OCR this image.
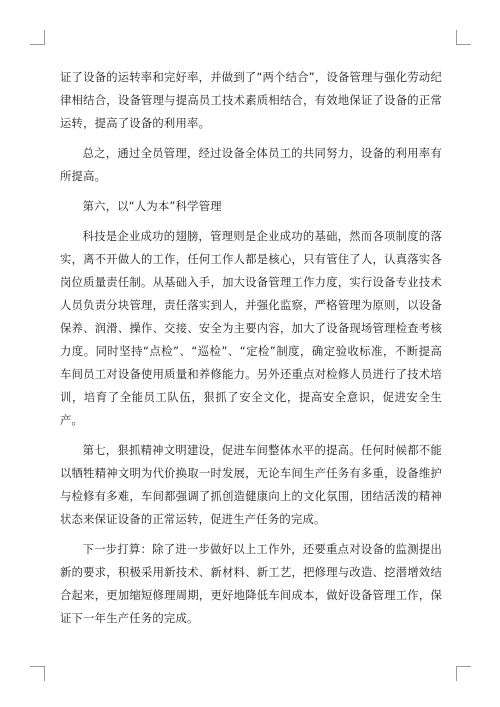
证了设备的运转率和完好率，并做到了“两个结合”，设备管理与强化劳动纪律相结合，设备管理与提高员工技术素质相结合，有效地保证了设备的正常运转，提高了设备的利用率。

总之，通过全员管理，经过设备全体员工的共同努力，设备的利用率有所提高。

第六，以“人为本”科学管理

科技是企业成功的翅膀，管理则是企业成功的基础，然而各项制度的落实，离不开做人的工作，任何工作人都是核心，只有管住了人，认真落实各岗位质量责任制。从基础入手，加大设备管理工作力度，实行设备专业技术人员负责分块管理，责任落实到人，并强化监察，严格管理为原则，以设备保养、润滑、操作、交接、安全为主要内容，加大了设备现场管理检查考核力度。同时坚持“点检”、“巡检”、“定检”制度，确定验收标准，不断提高车间员工对设备使用质量和养修能力。另外还重点对检修人员进行了技术培训，培育了全能员工队伍，狠抓了安全文化，提高安全意识，促进安全生产。

第七，狠抓精神文明建设，促进车间整体水平的提高。任何时候都不能以牺牲精神文明为代价换取一时发展，无论车间生产任务有多重，设备维护与检修有多难，车间都强调了抓创造健康向上的文化氛围，团结活泼的精神状态来保证设备的正常运转，促进生产任务的完成。

下一步打算：除了进一步做好以上工作外，还要重点对设备的监测提出新的要求，积极采用新技术、新材料、新工艺，把修理与改造、挖潜增效结合起来，更加缩短修理周期，更好地降低车间成本，做好设备管理工作，保证下一年生产任务的完成。
